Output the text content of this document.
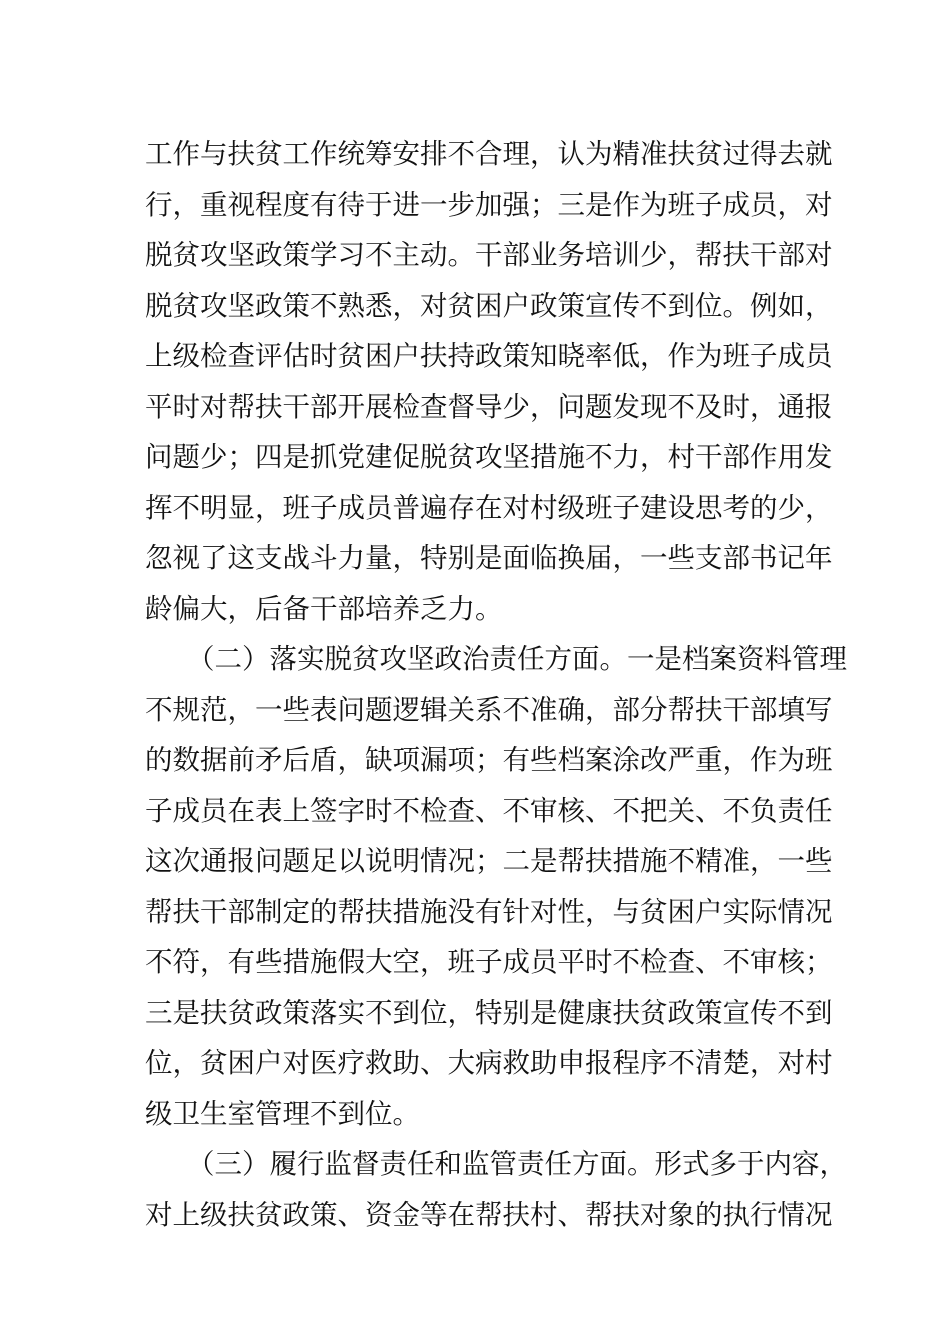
工作与扶贫工作统筹安排不合理，认为精准扶贫过得去就
行，重视程度有待于进一步加强；三是作为班子成员，对
脱贫攻坚政策学习不主动。干部业务培训少，帮扶干部对
脱贫攻坚政策不熟悉，对贫困户政策宣传不到位。例如，
上级检查评估时贫困户扶持政策知晓率低，作为班子成员
平时对帮扶干部开展检查督导少，问题发现不及时，通报
问题少；四是抓党建促脱贫攻坚措施不力，村干部作用发
挥不明显，班子成员普遍存在对村级班子建设思考的少，
忽视了这支战斗力量，特别是面临换届，一些支部书记年
龄偏大，后备干部培养乏力。
（二）落实脱贫攻坚政治责任方面。一是档案资料管理
不规范，一些表问题逻辑关系不准确，部分帮扶干部填写
的数据前矛后盾，缺项漏项；有些档案涂改严重，作为班
子成员在表上签字时不检查、不审核、不把关、不负责任
这次通报问题足以说明情况；二是帮扶措施不精准，一些
帮扶干部制定的帮扶措施没有针对性，与贫困户实际情况
不符，有些措施假大空，班子成员平时不检查、不审核；
三是扶贫政策落实不到位，特别是健康扶贫政策宣传不到
位，贫困户对医疗救助、大病救助申报程序不清楚，对村
级卫生室管理不到位。
（三）履行监督责任和监管责任方面。形式多于内容，
对上级扶贫政策、资金等在帮扶村、帮扶对象的执行情况
